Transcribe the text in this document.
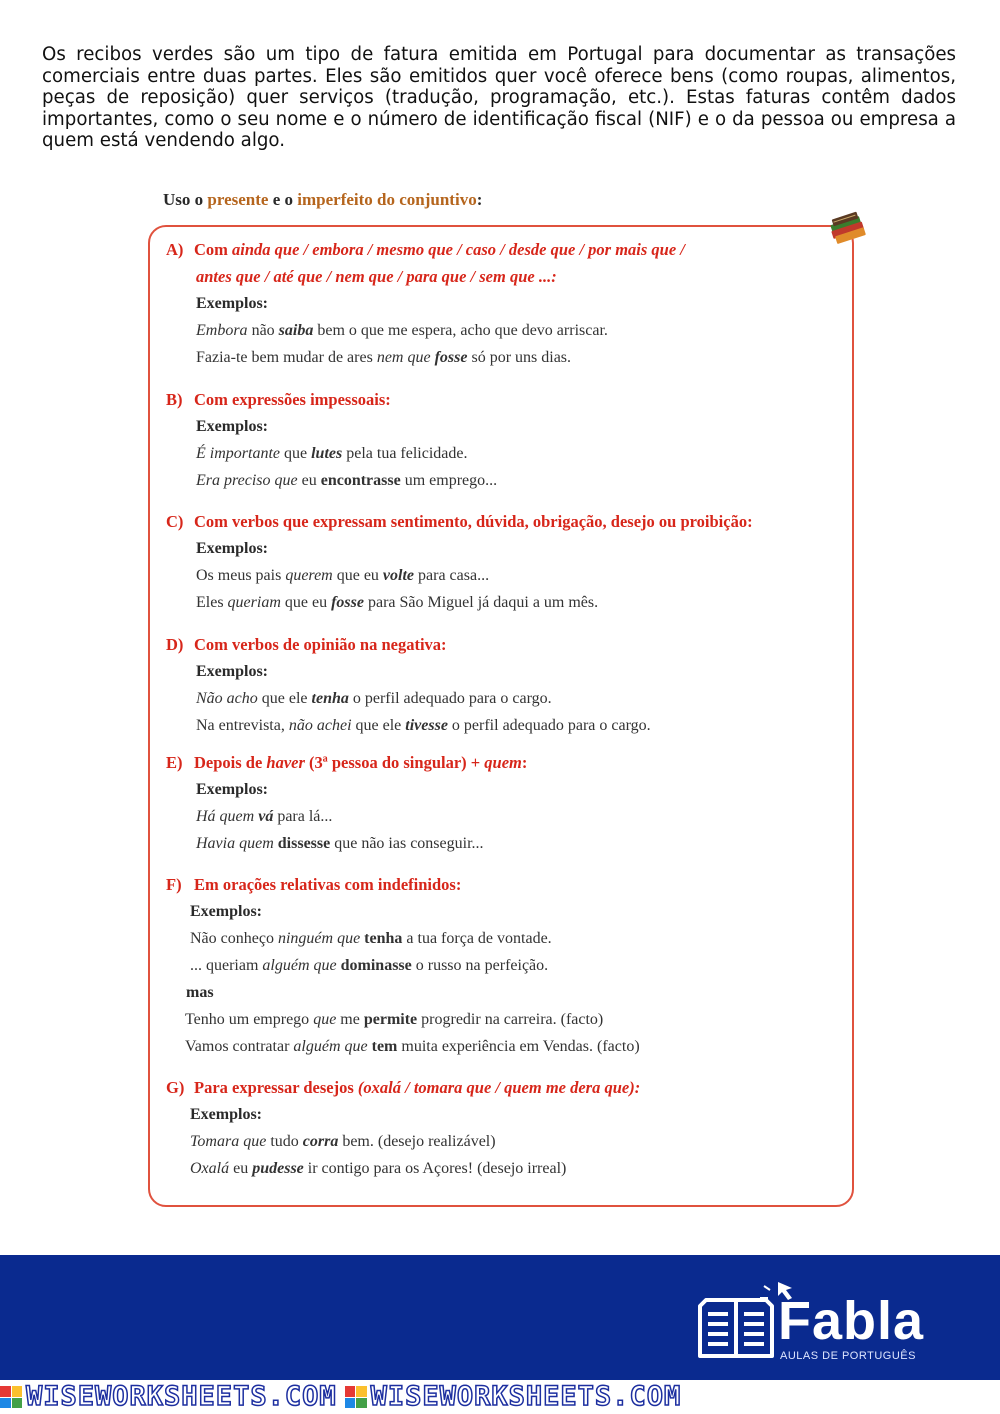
Os recibos verdes são um tipo de fatura emitida em Portugal para documentar as transações comerciais entre duas partes. Eles são emitidos quer você oferece bens (como roupas, alimentos, peças de reposição) quer serviços (tradução, programação, etc.). Estas faturas contêm dados importantes, como o seu nome e o número de identificação fiscal (NIF) e o da pessoa ou empresa a quem está vendendo algo.

Uso o presente e o imperfeito do conjuntivo:
A) Com ainda que / embora / mesmo que / caso / desde que / por mais que /
antes que / até que / nem que / para que / sem que ...:
Exemplos:
Embora não saiba bem o que me espera, acho que devo arriscar.
Fazia-te bem mudar de ares nem que fosse só por uns dias.
B) Com expressões impessoais:
Exemplos:
É importante que lutes pela tua felicidade.
Era preciso que eu encontrasse um emprego...
C) Com verbos que expressam sentimento, dúvida, obrigação, desejo ou proibição:
Exemplos:
Os meus pais querem que eu volte para casa...
Eles queriam que eu fosse para São Miguel já daqui a um mês.
D) Com verbos de opinião na negativa:
Exemplos:
Não acho que ele tenha o perfil adequado para o cargo.
Na entrevista, não achei que ele tivesse o perfil adequado para o cargo.
E) Depois de haver (3ª pessoa do singular) + quem:
Exemplos:
Há quem vá para lá...
Havia quem dissesse que não ias conseguir...
F) Em orações relativas com indefinidos:
Exemplos:
Não conheço ninguém que tenha a tua força de vontade.
... queriam alguém que dominasse o russo na perfeição.
mas
Tenho um emprego que me permite progredir na carreira. (facto)
Vamos contratar alguém que tem muita experiência em Vendas. (facto)
G) Para expressar desejos (oxalá / tomara que / quem me dera que):
Exemplos:
Tomara que tudo corra bem. (desejo realizável)
Oxalá eu pudesse ir contigo para os Açores! (desejo irreal)
Fabla
AULAS DE PORTUGUÊS
WISEWORKSHEETS.COM WISEWORKSHEETS.COM
